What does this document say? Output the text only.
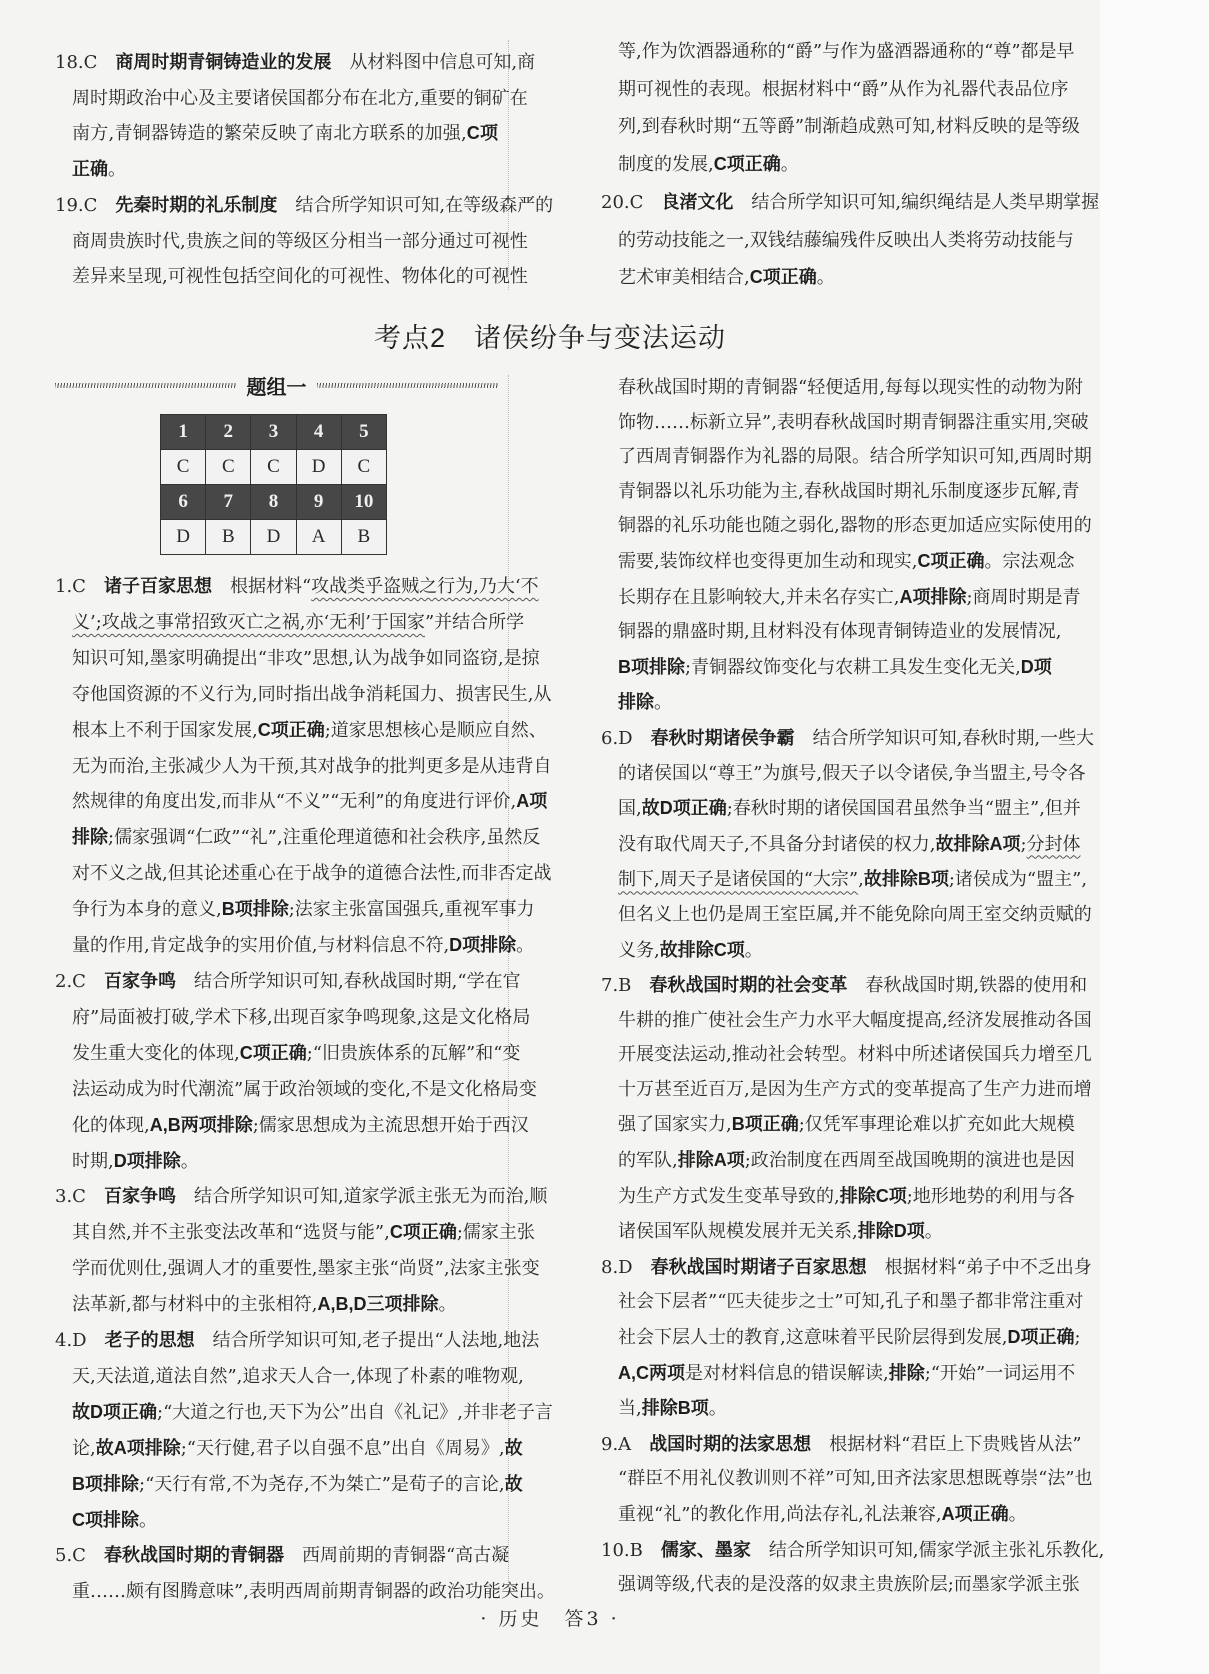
18.C　商周时期青铜铸造业的发展　从材料图中信息可知,商
周时期政治中心及主要诸侯国都分布在北方,重要的铜矿在
南方,青铜器铸造的繁荣反映了南北方联系的加强,C项
正确。
19.C　先秦时期的礼乐制度　结合所学知识可知,在等级森严的
商周贵族时代,贵族之间的等级区分相当一部分通过可视性
差异来呈现,可视性包括空间化的可视性、物体化的可视性
等,作为饮酒器通称的“爵”与作为盛酒器通称的“尊”都是早
期可视性的表现。根据材料中“爵”从作为礼器代表品位序
列,到春秋时期“五等爵”制渐趋成熟可知,材料反映的是等级
制度的发展,C项正确。
20.C　良渚文化　结合所学知识可知,编织绳结是人类早期掌握
的劳动技能之一,双钱结藤编残件反映出人类将劳动技能与
艺术审美相结合,C项正确。
考点2　诸侯纷争与变法运动
题组一
1	2	3	4	5
C	C	C	D	C
6	7	8	9	10
D	B	D	A	B
1.C　诸子百家思想　根据材料“攻战类乎盗贼之行为,乃大‘不
义’;攻战之事常招致灭亡之祸,亦‘无利’于国家”并结合所学
知识可知,墨家明确提出“非攻”思想,认为战争如同盗窃,是掠
夺他国资源的不义行为,同时指出战争消耗国力、损害民生,从
根本上不利于国家发展,C项正确;道家思想核心是顺应自然、
无为而治,主张减少人为干预,其对战争的批判更多是从违背自
然规律的角度出发,而非从“不义”“无利”的角度进行评价,A项
排除;儒家强调“仁政”“礼”,注重伦理道德和社会秩序,虽然反
对不义之战,但其论述重心在于战争的道德合法性,而非否定战
争行为本身的意义,B项排除;法家主张富国强兵,重视军事力
量的作用,肯定战争的实用价值,与材料信息不符,D项排除。
2.C　百家争鸣　结合所学知识可知,春秋战国时期,“学在官
府”局面被打破,学术下移,出现百家争鸣现象,这是文化格局
发生重大变化的体现,C项正确;“旧贵族体系的瓦解”和“变
法运动成为时代潮流”属于政治领域的变化,不是文化格局变
化的体现,A,B两项排除;儒家思想成为主流思想开始于西汉
时期,D项排除。
3.C　百家争鸣　结合所学知识可知,道家学派主张无为而治,顺
其自然,并不主张变法改革和“选贤与能”,C项正确;儒家主张
学而优则仕,强调人才的重要性,墨家主张“尚贤”,法家主张变
法革新,都与材料中的主张相符,A,B,D三项排除。
4.D　老子的思想　结合所学知识可知,老子提出“人法地,地法
天,天法道,道法自然”,追求天人合一,体现了朴素的唯物观,
故D项正确;“大道之行也,天下为公”出自《礼记》,并非老子言
论,故A项排除;“天行健,君子以自强不息”出自《周易》,故
B项排除;“天行有常,不为尧存,不为桀亡”是荀子的言论,故
C项排除。
5.C　春秋战国时期的青铜器　西周前期的青铜器“高古凝
重……颇有图腾意味”,表明西周前期青铜器的政治功能突出。
春秋战国时期的青铜器“轻便适用,每每以现实性的动物为附
饰物……标新立异”,表明春秋战国时期青铜器注重实用,突破
了西周青铜器作为礼器的局限。结合所学知识可知,西周时期
青铜器以礼乐功能为主,春秋战国时期礼乐制度逐步瓦解,青
铜器的礼乐功能也随之弱化,器物的形态更加适应实际使用的
需要,装饰纹样也变得更加生动和现实,C项正确。宗法观念
长期存在且影响较大,并未名存实亡,A项排除;商周时期是青
铜器的鼎盛时期,且材料没有体现青铜铸造业的发展情况,
B项排除;青铜器纹饰变化与农耕工具发生变化无关,D项
排除。
6.D　春秋时期诸侯争霸　结合所学知识可知,春秋时期,一些大
的诸侯国以“尊王”为旗号,假天子以令诸侯,争当盟主,号令各
国,故D项正确;春秋时期的诸侯国国君虽然争当“盟主”,但并
没有取代周天子,不具备分封诸侯的权力,故排除A项;分封体
制下,周天子是诸侯国的“大宗”,故排除B项;诸侯成为“盟主”,
但名义上也仍是周王室臣属,并不能免除向周王室交纳贡赋的
义务,故排除C项。
7.B　春秋战国时期的社会变革　春秋战国时期,铁器的使用和
牛耕的推广使社会生产力水平大幅度提高,经济发展推动各国
开展变法运动,推动社会转型。材料中所述诸侯国兵力增至几
十万甚至近百万,是因为生产方式的变革提高了生产力进而增
强了国家实力,B项正确;仅凭军事理论难以扩充如此大规模
的军队,排除A项;政治制度在西周至战国晚期的演进也是因
为生产方式发生变革导致的,排除C项;地形地势的利用与各
诸侯国军队规模发展并无关系,排除D项。
8.D　春秋战国时期诸子百家思想　根据材料“弟子中不乏出身
社会下层者”“匹夫徒步之士”可知,孔子和墨子都非常注重对
社会下层人士的教育,这意味着平民阶层得到发展,D项正确;
A,C两项是对材料信息的错误解读,排除;“开始”一词运用不
当,排除B项。
9.A　战国时期的法家思想　根据材料“君臣上下贵贱皆从法”
“群臣不用礼仪教训则不祥”可知,田齐法家思想既尊崇“法”也
重视“礼”的教化作用,尚法存礼,礼法兼容,A项正确。
10.B　儒家、墨家　结合所学知识可知,儒家学派主张礼乐教化,
强调等级,代表的是没落的奴隶主贵族阶层;而墨家学派主张
· 历史　答3 ·
